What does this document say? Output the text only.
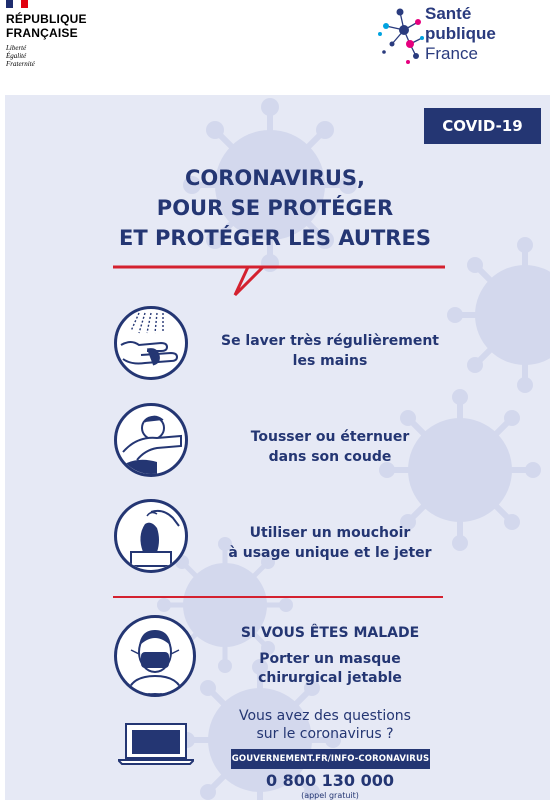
RÉPUBLIQUE
FRANÇAISE
Liberté
Égalité
Fraternité
Santé
publique
France
COVID-19
CORONAVIRUS,
POUR SE PROTÉGER
ET PROTÉGER LES AUTRES
Se laver très régulièrement
les mains
Tousser ou éternuer
dans son coude
Utiliser un mouchoir
à usage unique et le jeter
SI VOUS ÊTES MALADE
Porter un masque
chirurgical jetable
Vous avez des questions
sur le coronavirus ?
GOUVERNEMENT.FR/INFO-CORONAVIRUS
0 800 130 000
(appel gratuit)
